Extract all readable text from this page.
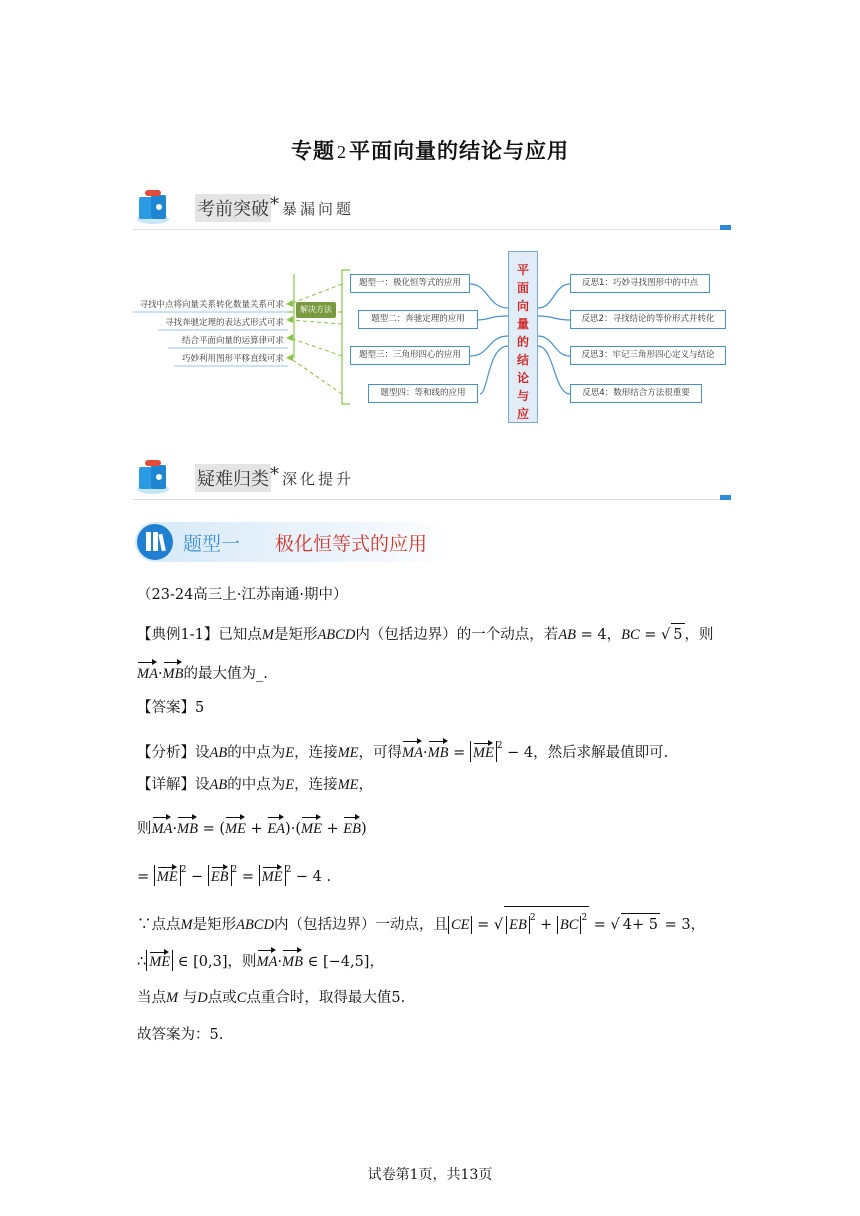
专题 2平面向量的结论与应用
考前突破 * 暴漏问题
平
面
向
量
的
结
论
与
应
题型一：极化恒等式的应用
题型二：奔驰定理的应用
题型三：三角形四心的应用
题型四：等和线的应用
反思1：巧妙寻找图形中的中点
反思2：寻找结论的等价形式并转化
反思3：牢记三角形四心定义与结论
反思4：数形结合方法很重要
解决方法
寻找中点将向量关系转化数量关系可求
寻找奔驰定理的表达式形式可求
结合平面向量的运算律可求
巧妙利用图形平移直线可求
疑难归类 * 深化提升
题型一 极化恒等式的应用
（23-24高三上·江苏南通·期中）
【典例1-1】已知点M是矩形ABCD内（包括边界）的一个动点，若AB = 4，BC = √ 5 ，则
MA·MB的最大值为_.
【答案】5
【分析】设AB的中点为E，连接ME，可得MA·MB = ME $^2$ − 4，然后求解最值即可.
【详解】设AB的中点为E，连接ME，
则MA·MB = (ME + EA)·(ME + EB)
= ME $^2$ − EB $^2$ = ME $^2$ − 4 .
∵点点M是矩形ABCD内（包括边界）一动点，且 CE = √ EB $^2$ + BC $^2$ = √ 4+ 5 = 3，
∴ ME ∈ [0,3]，则MA·MB ∈ [−4,5]，
当点M 与D点或C点重合时，取得最大值5.
故答案为：5.
试卷第1页，共13页
